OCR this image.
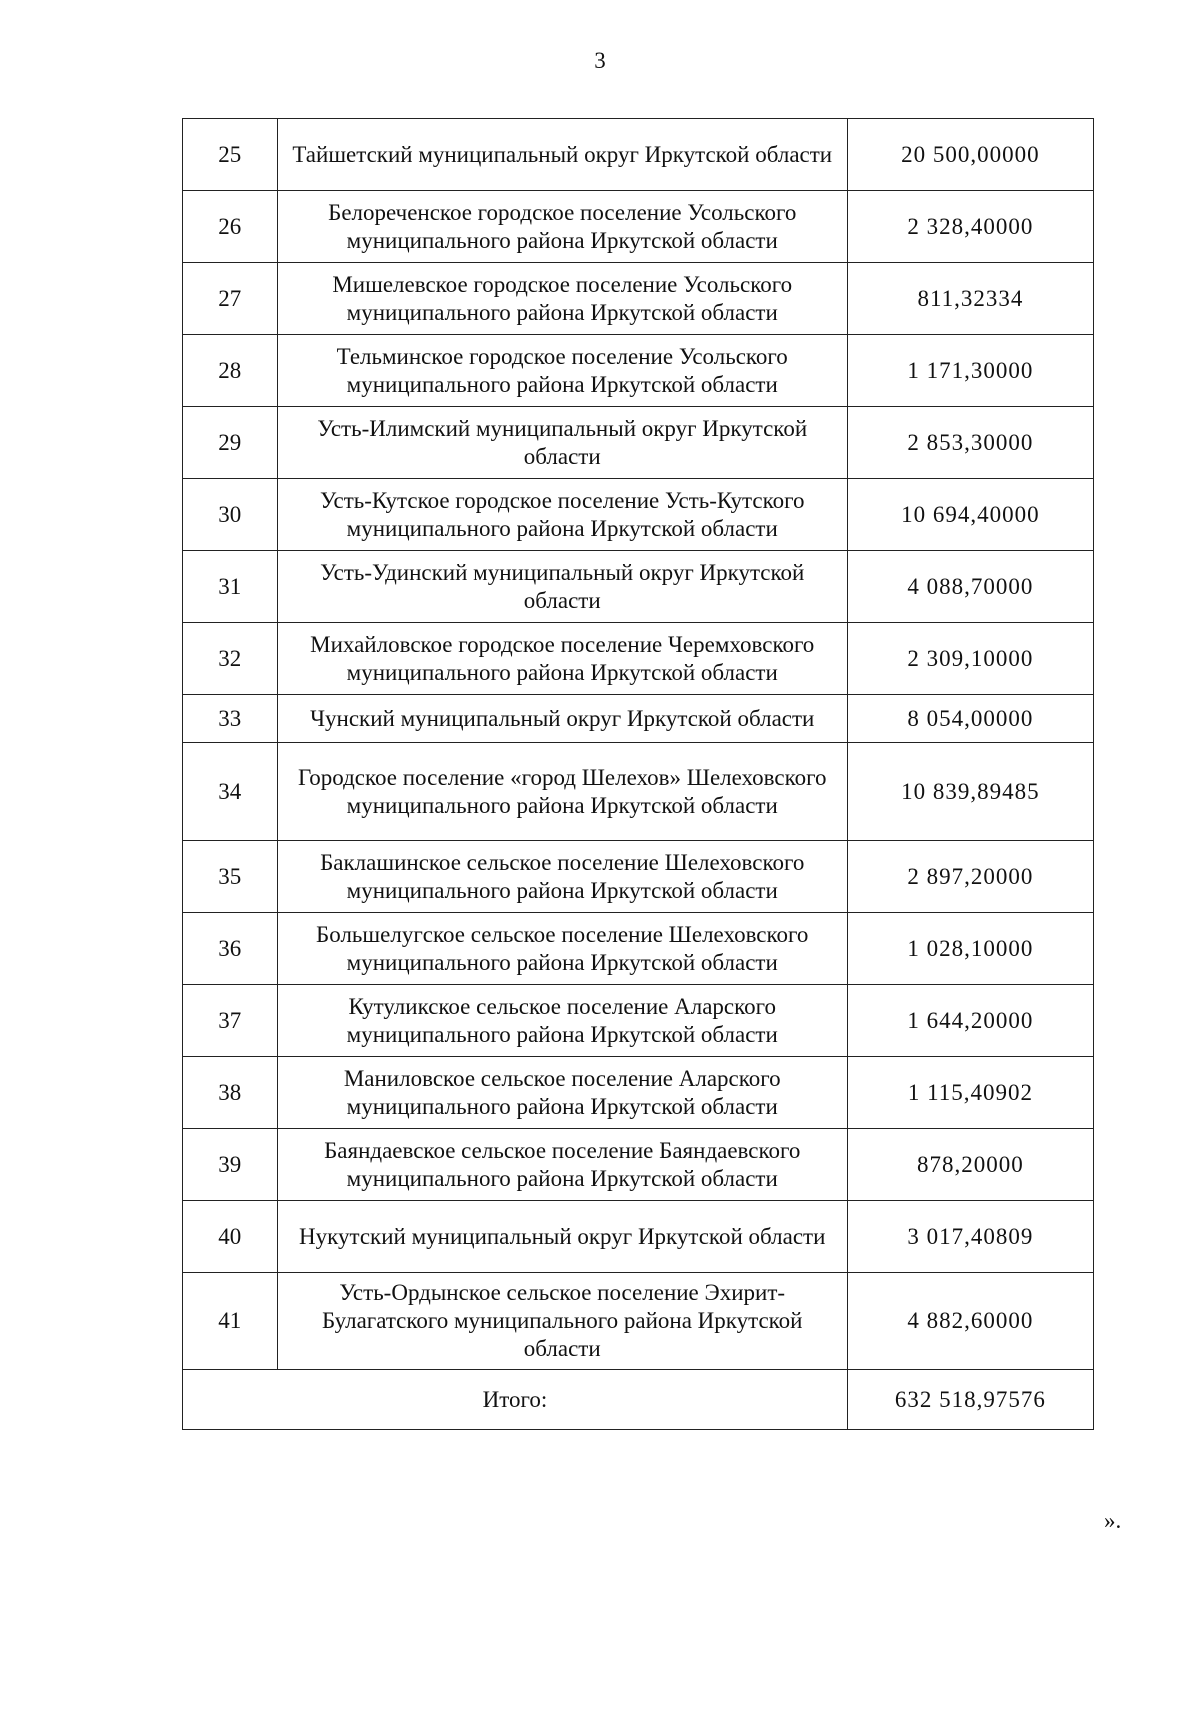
3
25	Тайшетский муниципальный округ Иркутской области	20 500,00000
26	Белореченское городское поселение Усольского муниципального района Иркутской области	2 328,40000
27	Мишелевское городское поселение Усольского муниципального района Иркутской области	811,32334
28	Тельминское городское поселение Усольского муниципального района Иркутской области	1 171,30000
29	Усть-Илимский муниципальный округ Иркутской области	2 853,30000
30	Усть-Кутское городское поселение Усть-Кутского муниципального района Иркутской области	10 694,40000
31	Усть-Удинский муниципальный округ Иркутской области	4 088,70000
32	Михайловское городское поселение Черемховского муниципального района Иркутской области	2 309,10000
33	Чунский муниципальный округ Иркутской области	8 054,00000
34	Городское поселение «город Шелехов» Шелеховского муниципального района Иркутской области	10 839,89485
35	Баклашинское сельское поселение Шелеховского муниципального района Иркутской области	2 897,20000
36	Большелугское сельское поселение Шелеховского муниципального района Иркутской области	1 028,10000
37	Кутуликское сельское поселение Аларского муниципального района Иркутской области	1 644,20000
38	Маниловское сельское поселение Аларского муниципального района Иркутской области	1 115,40902
39	Баяндаевское сельское поселение Баяндаевского муниципального района Иркутской области	878,20000
40	Нукутский муниципальный округ Иркутской области	3 017,40809
41	Усть-Ордынское сельское поселение Эхирит-Булагатского муниципального района Иркутской области	4 882,60000
Итого:		632 518,97576
».
